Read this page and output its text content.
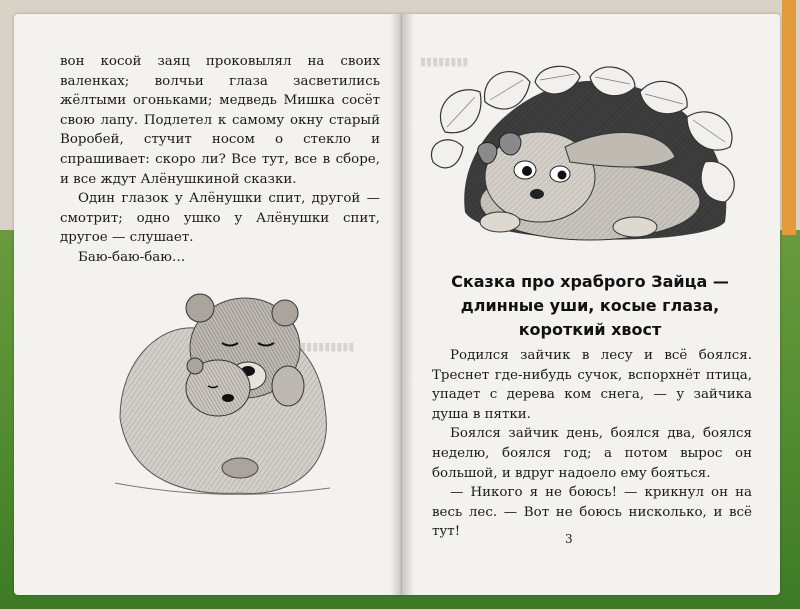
▮▮▮▮▮▮▮▮▮
▮▮▮▮▮▮▮▮

вон косой заяц проковылял на своих валенках; волчьи глаза засветились жёлтыми огоньками; медведь Мишка сосёт свою лапу. Подлетел к самому окну старый Воробей, стучит носом о стекло и спрашивает: скоро ли? Все тут, все в сборе, и все ждут Алёнушкиной сказки.

Один глазок у Алёнушки спит, другой — смотрит; одно ушко у Алёнушки спит, другое — слушает.

Баю-баю-баю…

Сказка про храброго Зайца —
длинные уши, косые глаза,
короткий хвост

Родился зайчик в лесу и всё боялся. Треснет где-нибудь сучок, вспорхнёт птица, упадет с дерева ком снега, — у зайчика душа в пятки.

Боялся зайчик день, боялся два, боялся неделю, боялся год; а потом вырос он большой, и вдруг надоело ему бояться.

— Никого я не боюсь! — крикнул он на весь лес. — Вот не боюсь нисколько, и всё тут!	3
